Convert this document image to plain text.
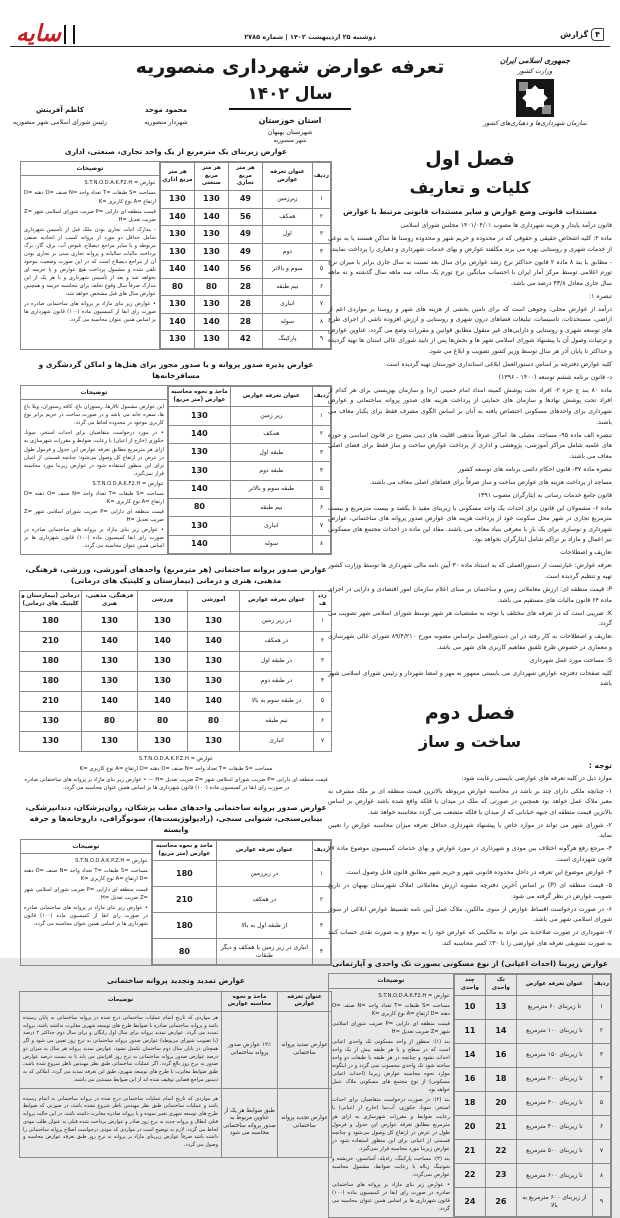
۴
گزارش
دوشنبه ۲۵ اردیبهشت ۱۴۰۲ | شماره ۲۷۸۵
سایه
جمهوری اسلامی ایران
وزارت کشور
سازمان شهرداری‌ها و دهیاری‌های کشور
تعرفه عوارض شهرداری منصوریه
سال ۱۴۰۲
استان خوزستان
شهرستان بهبهان
شهر منصوریه
محمود موحد
شهردار منصوریه
کاظم آفرینش
رئیس شورای اسلامی شهر منصوریه
عوارض زیربنای یک مترمربع از یک واحد تجاری، صنعتی، اداری
ردیف	عنوان تعرفه عوارض	هر متر مربع تجاری	هر متر مربع صنعتی	هر متر مربع اداری
۱	زیرزمین	49	130	130
۲	همکف	56	140	140
۳	اول	49	130	130
۴	دوم	49	130	130
۵	سوم و بالاتر	56	140	140
۶	نیم طبقه	28	80	80
۷	انباری	28	130	130
۸	سوله	28	140	140
۹	پارکینگ	42	130	130
توضیحات
عوارض = S.T.N.O.D.A.K.F2.H
مساحت =S طبقات =T تعداد واحد =N صنف =O دهنه =D ارتفاع =A نوع کاربری =K
قیمت منطقه ای دارایی =P ضریب شورای اسلامی شهر =Z ضریب تعدیل =H
- مدارک اثبات تجاری بودن ملک قبل از تأسیس شهرداری شامل حداقل دو مورد از پروانه کسب از اتحادیه صنفی مربوطه و یا سایر مراجع ذیصلاح، قبوض آب، برق، گاز، برگ پرداخت مالیات سالیانه و پروانه تجاری مبنی بر تجاری بودن آن از مراجع ذیصلاح است که در این صورت وضعیت موجود تلقی شده و مشمول پرداخت هیچ عوارض و یا جریمه ای نخواهد شد و بعد از تأسیس شهرداری و با هر یک از این مدارک صرفاً سال وقوع تخلف برای محاسبه جریمه و همچنین عوارض سال های قبل مشخص خواهد شد.
• عوارض زیر بنای مازاد بر پروانه های ساختمانی صادره در صورت رای ابقا از کمیسیون ماده (۱۰۰) قانون شهرداری ها بر اساس همین عنوان محاسبه می گردد.
عوارض پذیره صدور پروانه و یا صدور مجوز برای هتل‌ها و اماکن گردشگری و مسافرخانه‌ها
ردیف	عنوان تعرفه عوارض	ماخذ و نحوه محاسبه عوارض (متر مربع)
۱	زیر زمین	130
۲	همکف	140
۳	طبقه اول	130
۴	طبقه دوم	130
۵	طبقه سوم و بالاتر	140
۶	نیم طبقه	80
۷	انباری	130
۸	سوله	140
توضیحات
این عوارض مشمول تالارها، رستوران باغ، کافه رستوران، ویلا باغ ها، سفره خانه می باشد و در صورت ساخت در حریم برابر نوع کاربری موجود در محدوده لحاظ می گردد.
• در مورد درخواست متقاضیان برای احداث استخر، سونا، جکوزی (خارج از اعیان) با رعایت ضوابط و مقررات شهرسازی به ازای هر مترمربع مطابق تعرفه عوارض این جدول و فرمول طول در عرض در ارتفاع کل وصول می‌شود؛ چنانچه قسمتی از اعیان برای این منظور استفاده شود در عوارض زیربنا مورد محاسبه قرار نمی‌گیرد.
عوارض = S.T.N.O.D.A.K.F2.H
مساحت =S طبقات =T تعداد واحد =N صنف =O دهنه =D ارتفاع =A نوع کاربری =K
قیمت منطقه ای دارایی =P ضریب شورای اسلامی شهر =Z ضریب تعدیل =H
• عوارض زیر بنای مازاد بر پروانه های ساختمانی صادره در صورت رای ابقا کمیسیون ماده (۱۰۰) قانون شهرداری ها بر اساس همین عنوان محاسبه می گردد.
عوارض صدور پروانه ساختمانی (هر مترمربع) واحدهای آموزشی، ورزشی، فرهنگی، مذهبی، هنری و درمانی (بیمارستان و کلینیک های درمانی)
ردیف	عنوان تعرفه عوارض	آموزشی	ورزشی	فرهنگی، مذهبی، هنری	درمانی (بیمارستان و کلینیک های درمانی)
۱	در زیر زمین	130	130	130	180
۲	در همکف	140	140	140	210
۳	در طبقه اول	130	130	130	180
۴	در طبقه دوم	130	130	130	180
۵	در طبقه سوم به بالا	140	140	140	210
۶	نیم طبقه	80	80	80	130
۷	انباری	130	130	130	130
عوارض = S.T.N.O.D.A.K.P.Z.H
مساحت =S طبقات =T تعداد واحد =N صنف =O دهنه =D ارتفاع =A نوع کاربری =K
قیمت منطقه ای دارایی =P ضریب شورای اسلامی شهر =Z ضریب تعدیل =H — • عوارض زیر بنای مازاد بر پروانه های ساختمانی صادره در صورت رای ابقا در کمیسیون ماده (۱۰۰) قانون شهرداری ها بر اساس همین عنوان محاسبه می گردد.
عوارض صدور پروانه ساختمانی واحدهای مطب پزشکان، روان‌پزشکان، دندانپزشکی، بینایی‌سنجی، شنوایی سنجی، (رادیولوژیست‌ها)، سونوگرافی، داروخانه‌ها و حرفه وابسته
ردیف	عنوان تعرفه عوارض	ماخذ و نحوه محاسبه عوارض (متر مربع)
۱	در زیرزمین	180
۲	در همکف	210
۳	از طبقه اول به بالا	180
۴	انباری در زیر زمین یا همکف و دیگر طبقات	80
توضیحات
عوارض = S.T.N.O.D.A.K.P.Z.H
مساحت =S طبقات =T تعداد واحد =N صنف =O دهنه =D ارتفاع =A نوع کاربری =K
قیمت منطقه ای دارایی =P ضریب شورای اسلامی شهر =Z ضریب تعدیل =H
• عوارض زیر بنای مازاد بر پروانه های ساختمانی صادره در صورت رای ابقا از کمیسیون ماده (۱۰۰) قانون شهرداری ها بر اساس همین عنوان محاسبه می گردد.
عوارض تمدید وتجدید پروانه ساختمانی
عنوان تعرفه عوارض	ماخذ و نحوه محاسبه عوارض	توضیحات
عوارض تمدید پروانه ساختمانی	۱۲٪ عوارض صدور پروانه ساختمانی	هر مواردی که تاریخ اتمام عملیات ساختمانی درج شده در پروانه ساختمانی به پایان رسیده باشد و پروانه ساختمانی صادره با ضوابط طرح های توسعه شهری مغایرت نداشته باشد، پروانه تمدید می گردد. عوارض تمدید پروانه برای سال اول رایگان و برای سال دوم حداکثر ۲ درصد (با تصویب شورای مربوطه) عوارض صدور پروانه ساختمانی به نرخ روز تعیین می شود و اگر همچنان در پایان سال دوم ساختمان تکمیل نشود، عوارض تمدید پروانه هر سال به میزان دو درصد عوارض صدور پروانه ساختمانی به نرخ روز افزایش می یابد تا به بیست درصد عوارض صدور به نرخ روز بالغ گردد. اگر عملیات ساختمانی طبق نظر مهندس ناظر شروع شده باشد، طبق ضوابط مغایرت با طرح های توسعه شهری، طبق این تعرفه تمدید می گردد. املاکی که به دستور مراجع قضایی توقیف شده اند از این ضوابط مستثنی می باشند.
عوارض تجدید پروانه ساختمانی	طبق ضوابط هر یک از عناوین مربوط به صدور پروانه ساختمانی محاسبه می شود	هر مواردی که تاریخ اتمام عملیات ساختمانی درج شده در پروانه ساختمانی به اتمام رسیده باشد و عملیات ساختمانی طبق نظر مهندس ناظر شروع نشده باشد، در صورتی که ضوابط طرح های توسعه شهری تغییر نموده و با پروانه صادره مغایرت داشته باشد، در این حالت پروانه قبلی ابطال و پروانه جدید به نرخ روز صادر و عوارض پرداخت شده قبلی به عنوان طلب مودی لحاظ می گردد. لازم به توضیح است در مواردی که مودی درخواست اصلاح پروانه ساختمانی را داشته باشد صرفاً عوارض زیربنای مازاد بر پروانه به نرخ روز طبق تعرفه عوارض محاسبه و وصول می گردد.
فصل اول
کلیات و تعاریف
مستندات قانونی وضع عوارض و سایر مستندات قانونی مرتبط با عوارض
قانون درآمد پایدار و هزینه شهرداری ها مصوب ۱۴۰۱/۰۴/۰۱ مجلس شورای اسلامی
ماده ۲: کلیه اشخاص حقیقی و حقوقی که در محدوده و حریم شهر و محدوده روستا ها ساکن هستند یا به نوعی از خدمات شهری و روستایی بهره می برند مکلفند عوارض و بهای خدمات شهرداری و دهیاری را پرداخت نمایند.
- مطابق با بند ۸ ماده ۲ قانون حداکثر نرخ رشد عوارض برای سال بعد نسبت به سال جاری برابر با میزان نرخ تورم اعلامی توسط مرکز آمار ایران با احتساب میانگین نرخ تورم یک ساله، سه ماهه سال گذشته و نه ماهه سال جاری معادل ۴۳/۸ درصد می باشد.
تبصره ۱:
درآمد از عوارض محلی: وجوهی است که برای تامین بخشی از هزینه های شهر و روستا بر مواردی اعم از اراضی، مستحدثات، تاسیسات، تبلیغات فضاهای درون شهری و روستایی و ارزش افزوده ناشی از اجرای طرح های توسعه شهری و روستایی و دارایی‌های غیر منقول مطابق قوانین و مقررات وضع می گردد. عناوین عوارض و ترتیبات وصول آن با پیشنهاد شورای اسلامی شهر ها و بخش‌ها پس از تایید شورای عالی استان ها تهیه گردیده و حداکثر تا پایان آذر هر سال توسط وزیر کشور تصویب و ابلاغ می شود.
کلیه عوارض دفترچه بر اساس دستورالعمل ابلاغی استانداری خوزستان تهیه گردیده است.
د- قانون برنامه ششم توسعه (۱۴۰۰ - ۱۳۹۶)
ماده ۸۰ بند چ جزء ۲- افراد تحت پوشش کمیته امداد امام خمینی (ره) و سازمان بهزیستی برای هر کدام از افراد تحت پوشش نهادها و سازمان های حمایتی از پرداخت هزینه های صدور پروانه ساختمانی و عوارض شهرداری برای واحدهای مسکونی اختصاص یافته به آنان بر اساس الگوی مصرف فقط برای یکبار معاف می باشند.
تبصره الف ماده ۹۵- مساجد، مصلی ها، اماکن صرفاً مذهبی اقلیت های دینی مصرح در قانون اساسی و حوزه های علمیه شامل مراکز آموزشی، پژوهشی و اداری از پرداخت عوارض ساخت و ساز فقط برای فضای اصلی معاف می باشند.
تبصره ماده ۳۷- قانون احکام دائمی برنامه های توسعه کشور
مساجد از پرداخت هزینه های عوارض ساخت و ساز صرفاً برای فضاهای اصلی معاف می باشند.
قانون جامع خدمات رسانی به ایثارگران مصوب ۱۳۹۱
ماده ۶- مشمولان این قانون برای احداث یک واحد مسکونی با زیربنای مفید تا یکصد و بیست مترمربع و بیست مترمربع تجاری در شهر محل سکونت خود از پرداخت هزینه های عوارض صدور پروانه های ساختمانی، عوارض شهرداری و نوسازی برای یک بار با معرفی بنیاد معاف می باشند. مفاد این ماده در احداث مجتمع های مسکونی نیز اعمال و مازاد بر تراکم شامل ایثارگران نخواهد بود.
تعاریف و اصطلاحات
تعرفه عوارض: عبارتست از دستورالعملی که به استناد ماده ۳۰ آیین نامه مالی شهرداری ها توسط وزارت کشور تهیه و تنظیم گردیده است.
P: قیمت منطقه ای: ارزش معاملاتی زمین و ساختمان بر مبنای اعلام سازمان امور اقتصادی و دارایی در اجرای ماده ۶۴ قانون مالیات های مستقیم می باشد.
K: ضریبی است که در تعرفه های مختلف با توجه به مقتضیات هر شهر توسط شورای اسلامی شهر تصویب می گردد.
تعاریف و اصطلاحات به کار رفته در این دستورالعمل براساس مصوبه مورخ ۸۹/۴/۲۱۰ شورای عالی شهرسازی و معماری در خصوص طرح تلفیق مفاهیم کاربری های شهر می باشد.
S: مساحت مورد عمل شهرداری
کلیه صفحات دفترچه عوارض شهرداری می بایستی ممهور به مهر و امضا شهردار و رئیس شورای اسلامی شهر باشد
فصل دوم
ساخت و ساز
توجه :
موارد ذیل در کلیه تعرفه های عوارضی بایستی رعایت شود:
۱- چنانچه ملکی دارای چند بر باشد در محاسبه عوارض مربوطه بالاترین قیمت منطقه ای بر ملک مشرف به معبر ملاک عمل خواهد بود همچنین در صورتی که ملک در میدان یا فلکه واقع شده باشد عوارض بر اساس بالاترین قیمت منطقه ای جبهه خیابانی که از میدان یا فلکه منشعب می گردد محاسبه خواهد شد.
۲- شورای شهر می تواند در موارد خاص با پیشنهاد شهرداری حداقل تعرفه میزان محاسبه عوارض را تعیین نماید.
۳- مرجع رفع هرگونه اختلاف بین مودی و شهرداری در مورد عوارض و بهای خدمات کمیسیون موضوع ماده ۷۷ قانون شهرداری است.
۴- عوارض موضوع این تعرفه در داخل محدوده قانونی شهر و حریم شهر مطابق قانون قابل وصول است.
۵- قیمت منطقه ای (P) بر اساس آخرین دفترچه مصوبه ارزش معاملاتی املاک شهرستان بهبهان در تاریخ تصویب عوارض در نظر گرفته می شود.
۶- در صورت درخواست اقساط عوارض از سوی مالکین، ملاک عمل آیین نامه تقسیط عوارض ابلاغی از سوی شورای اسلامی شهر می باشد.
۷- شهرداری در صورت صلاحدید می تواند به مالکینی که عوارض خود را به موقع و به صورت نقدی حساب کنند به صورت تشویقی تعرفه های عوارضی را تا ۳۰٪ کسر محاسبه کند.
عوارض زیربنا (احداث اعیانی) از نوع مسکونی بصورت تک واحدی و آپارتمانی
ردیف	عنوان تعرفه عوارض	تک واحدی	چند واحدی
۱	تا زیربنای ۶۰ مترمربع	13	10
۲	تا زیربنای ۱۰۰ مترمربع	14	11
۳	تا زیربنای ۱۵۰ مترمربع	16	14
۴	تا زیربنای ۲۰۰ مترمربع	18	16
۵	تا زیربنای ۳۰۰ مترمربع	20	18
۶	تا زیربنای ۴۰۰ مترمربع	21	20
۷	تا زیربنای ۵۰۰ مترمربع	22	21
۸	تا زیربنای ۶۰۰ مترمربع	23	22
۹	از زیربنای ۶۰۰ مترمربع به بالا	26	24
توضیحات
عوارض = S.T.N.O.D.A.K.F2.H
مساحت =S طبقات =T تعداد واحد =N صنف =O دهنه =D ارتفاع =A نوع کاربری =K
قیمت منطقه ای دارایی =P ضریب شورای اسلامی شهر =Z ضریب تعدیل =H
بند (۱): منظور از واحد مسکونی تک واحدی اعیانی است که در سطح و یا هر طبقه بیش از یک واحد احداث نشود و چنانچه در هر طبقه یا طبقات دو واحد ساخته شود تک واحدی محسوب نمی گردد و در اینگونه موارد نحوه محاسبه عوارض زیربنا (احداث اعیانی مسکونی) از نوع مجتمع های مسکونی ملاک عمل خواهد بود.
بند (۲): در صورت درخواست متقاضیان برای احداث استخر، سونا، جکوزی، آب‌نما (خارج از اعیانی) با رعایت ضوابط و مقررات شهرسازی به ازای هر مترمربع مطابق تعرفه عوارض این جدول و فرمول طول در عرض در ارتفاع کل وصول می‌شود و چنانچه قسمتی از اعیانی برای این منظور استفاده شود در عوارض زیربنا مورد محاسبه قرار نمی‌گیرد.
بند (۳): مساحت پارکینگ، راه‌پله، آسانسور، خرپشته و شوتینگ زباله با رعایت ضوابط، مشمول محاسبه عوارض نمی‌گردد.
• عوارض زیر بنای مازاد بر پروانه های ساختمانی صادره در صورت رای ابقا در کمیسیون ماده (۱۰۰) قانون شهرداری ها بر اساس همین عنوان محاسبه می گردد.
